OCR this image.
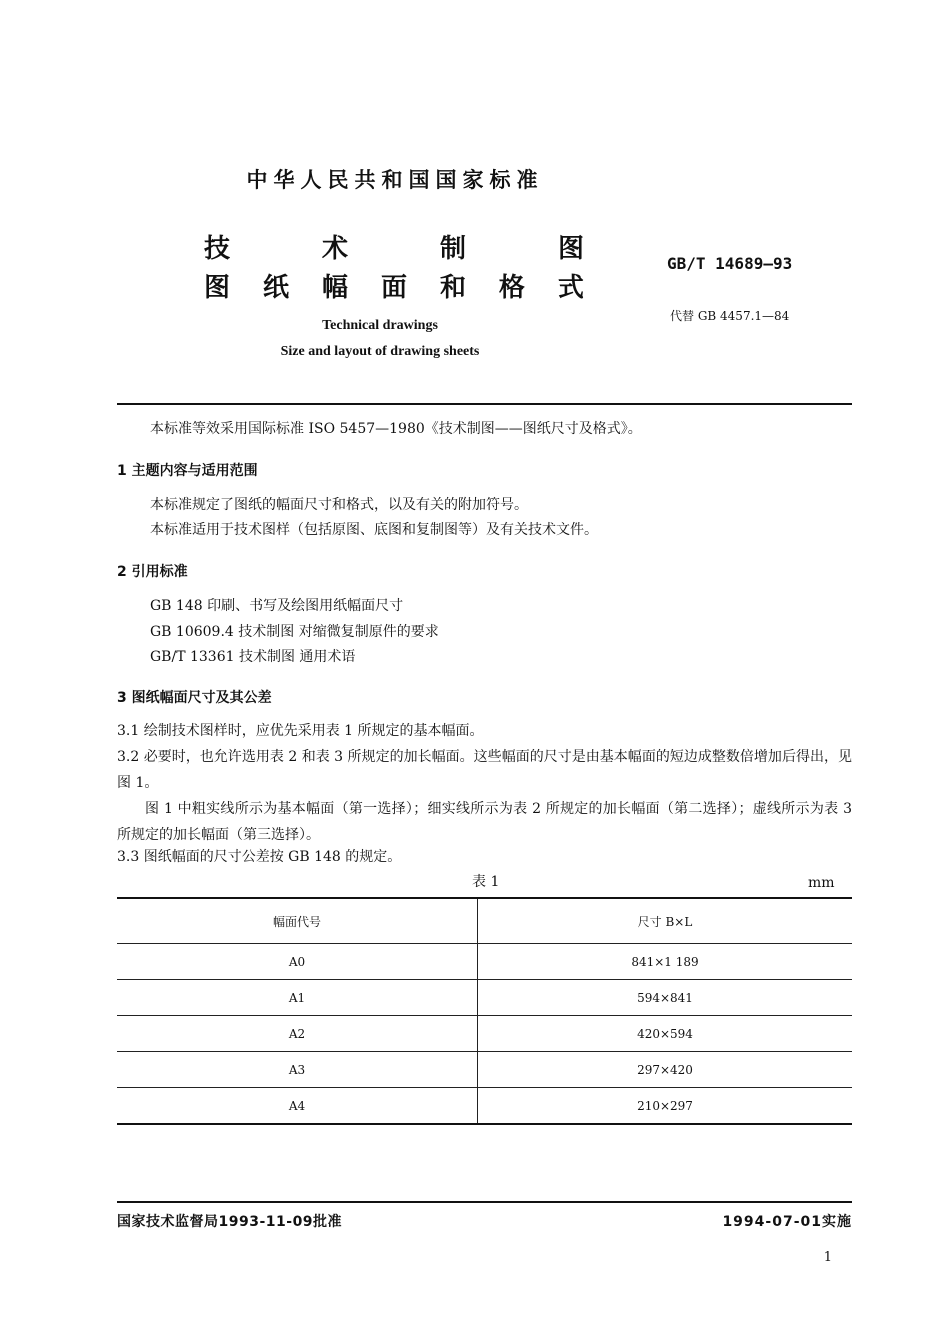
中华人民共和国国家标准
技	术	制	图
图 纸 幅 面 和 格 式
GB/T 14689—93
代替 GB 4457.1—84
Technical drawings
Size and layout of drawing sheets
本标准等效采用国际标准 ISO 5457—1980《技术制图——图纸尺寸及格式》。
1 主题内容与适用范围
本标准规定了图纸的幅面尺寸和格式，以及有关的附加符号。
本标准适用于技术图样（包括原图、底图和复制图等）及有关技术文件。
2 引用标准
GB 148 印刷、书写及绘图用纸幅面尺寸
GB 10609.4 技术制图 对缩微复制原件的要求
GB/T 13361 技术制图 通用术语
3 图纸幅面尺寸及其公差
3.1 绘制技术图样时，应优先采用表 1 所规定的基本幅面。
3.2 必要时，也允许选用表 2 和表 3 所规定的加长幅面。这些幅面的尺寸是由基本幅面的短边成整数倍增加后得出，见图 1。
图 1 中粗实线所示为基本幅面（第一选择）；细实线所示为表 2 所规定的加长幅面（第二选择）；虚线所示为表 3 所规定的加长幅面（第三选择）。
3.3 图纸幅面的尺寸公差按 GB 148 的规定。
表 1	mm
幅面代号	尺寸 B×L
A0	841×1 189
A1	594×841
A2	420×594
A3	297×420
A4	210×297
国家技术监督局1993-11-09批准	1994-07-01实施
1
